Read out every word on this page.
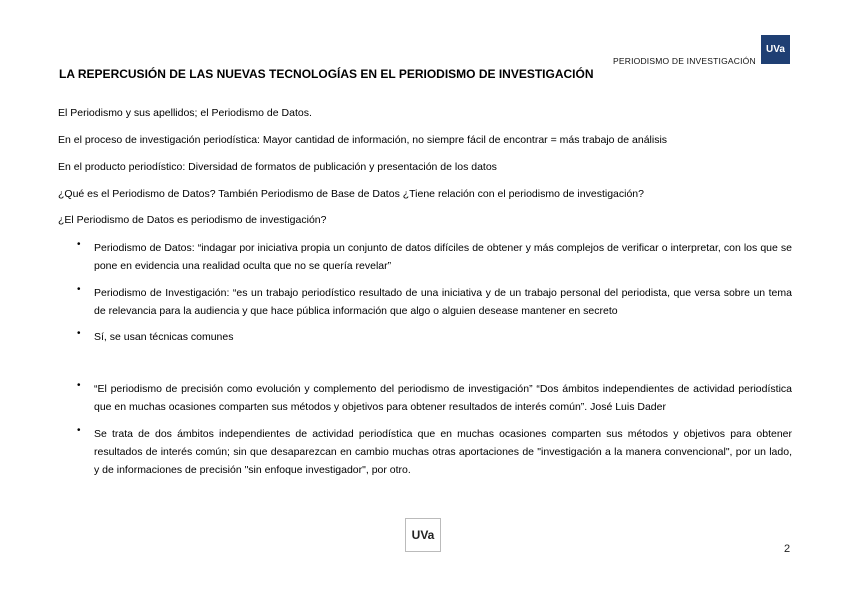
PERIODISMO DE INVESTIGACIÓN
UVa
LA REPERCUSIÓN DE LAS NUEVAS TECNOLOGÍAS EN EL PERIODISMO DE INVESTIGACIÓN

El Periodismo y sus apellidos; el Periodismo de Datos.

En el proceso de investigación periodística: Mayor cantidad de información, no siempre fácil de encontrar = más trabajo de análisis

En el producto periodístico: Diversidad de formatos de publicación y presentación de los datos

¿Qué es el Periodismo de Datos? También Periodismo de Base de Datos ¿Tiene relación con el periodismo de investigación?

¿El Periodismo de Datos es periodismo de investigación?

• Periodismo de Datos: “indagar por iniciativa propia un conjunto de datos difíciles de obtener y más complejos de verificar o interpretar, con los que se pone en evidencia una realidad oculta que no se quería revelar”
• Periodismo de Investigación: “es un trabajo periodístico resultado de una iniciativa y de un trabajo personal del periodista, que versa sobre un tema de relevancia para la audiencia y que hace pública información que algo o alguien desease mantener en secreto
• Sí, se usan técnicas comunes
• “El periodismo de precisión como evolución y complemento del periodismo de investigación” “Dos ámbitos independientes de actividad periodística que en muchas ocasiones comparten sus métodos y objetivos para obtener resultados de interés común”. José Luis Dader
• Se trata de dos ámbitos independientes de actividad periodística que en muchas ocasiones comparten sus métodos y objetivos para obtener resultados de interés común; sin que desaparezcan en cambio muchas otras aportaciones de "investigación a la manera convencional", por un lado, y de informaciones de precisión "sin enfoque investigador", por otro.
UVa
2
